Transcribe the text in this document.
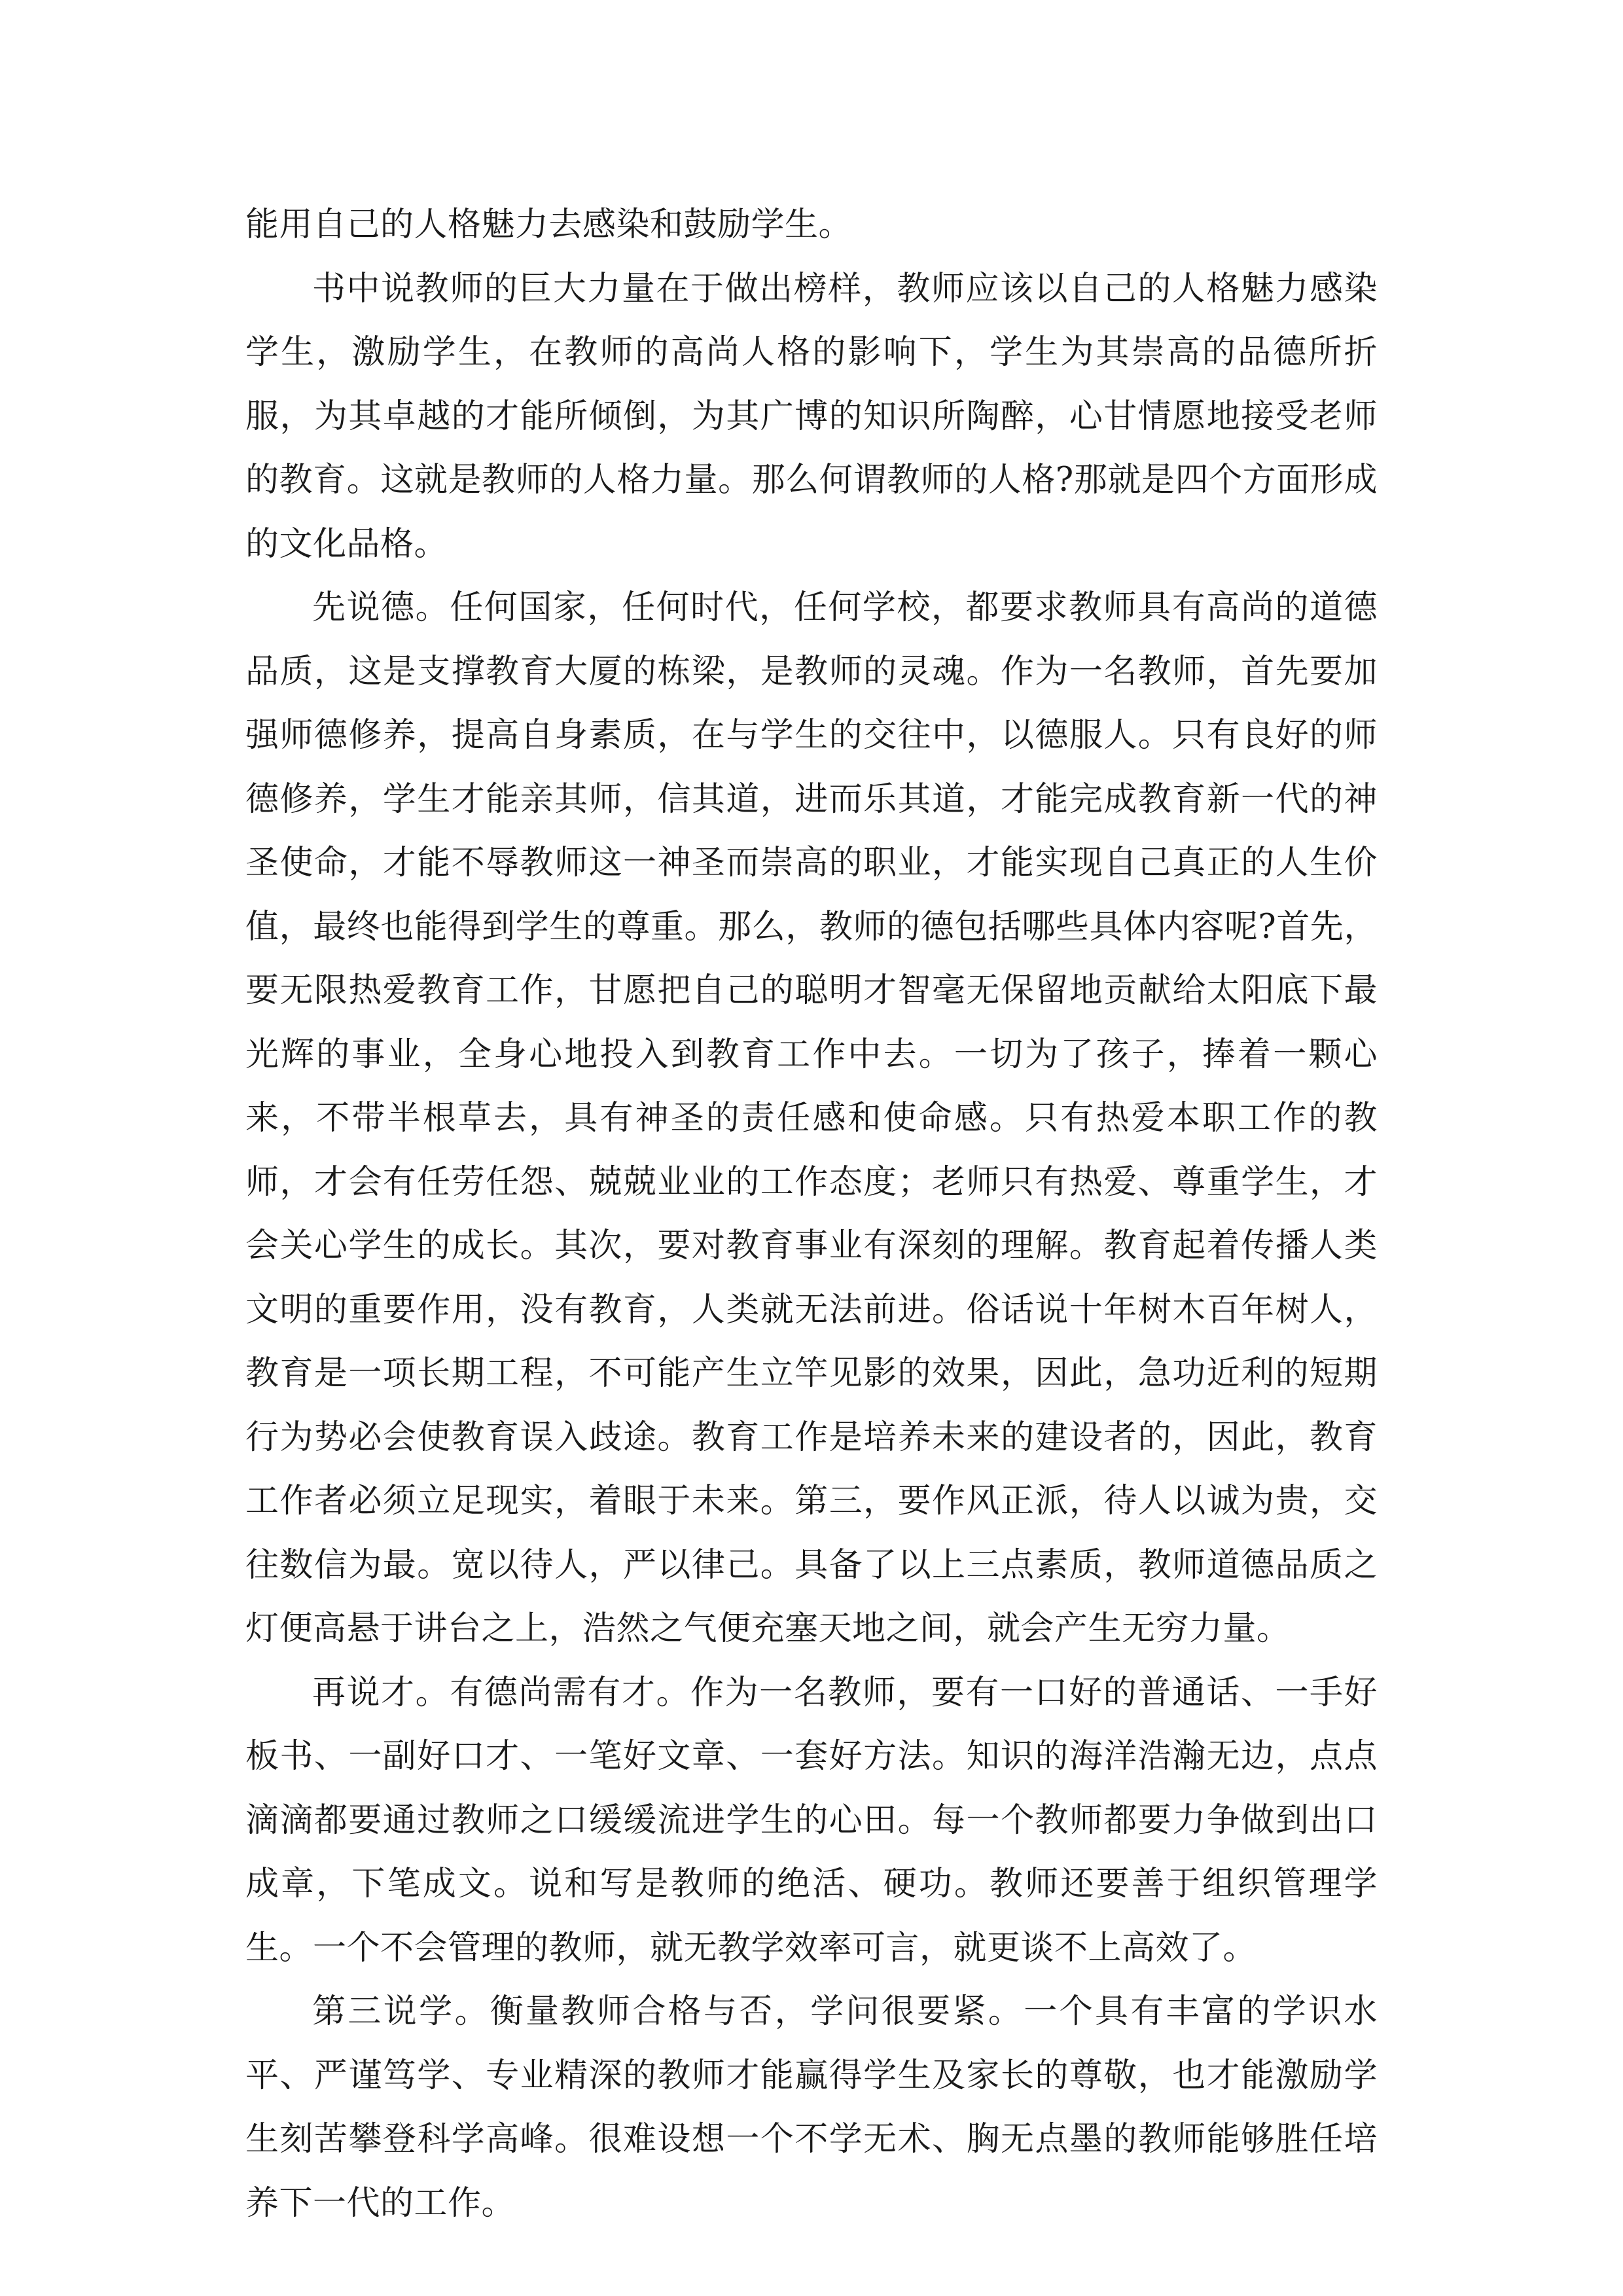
能用自己的人格魅力去感染和鼓励学生。

书中说教师的巨大力量在于做出榜样，教师应该以自己的人格魅力感染学生，激励学生，在教师的高尚人格的影响下，学生为其崇高的品德所折服，为其卓越的才能所倾倒，为其广博的知识所陶醉，心甘情愿地接受老师的教育。这就是教师的人格力量。那么何谓教师的人格?那就是四个方面形成的文化品格。

先说德。任何国家，任何时代，任何学校，都要求教师具有高尚的道德品质，这是支撑教育大厦的栋梁，是教师的灵魂。作为一名教师，首先要加强师德修养，提高自身素质，在与学生的交往中，以德服人。只有良好的师德修养，学生才能亲其师，信其道，进而乐其道，才能完成教育新一代的神圣使命，才能不辱教师这一神圣而崇高的职业，才能实现自己真正的人生价值，最终也能得到学生的尊重。那么，教师的德包括哪些具体内容呢?首先，要无限热爱教育工作，甘愿把自己的聪明才智毫无保留地贡献给太阳底下最光辉的事业，全身心地投入到教育工作中去。一切为了孩子，捧着一颗心来，不带半根草去，具有神圣的责任感和使命感。只有热爱本职工作的教师，才会有任劳任怨、兢兢业业的工作态度；老师只有热爱、尊重学生，才会关心学生的成长。其次，要对教育事业有深刻的理解。教育起着传播人类文明的重要作用，没有教育，人类就无法前进。俗话说十年树木百年树人，教育是一项长期工程，不可能产生立竿见影的效果，因此，急功近利的短期行为势必会使教育误入歧途。教育工作是培养未来的建设者的，因此，教育工作者必须立足现实，着眼于未来。第三，要作风正派，待人以诚为贵，交往数信为最。宽以待人，严以律己。具备了以上三点素质，教师道德品质之灯便高悬于讲台之上，浩然之气便充塞天地之间，就会产生无穷力量。

再说才。有德尚需有才。作为一名教师，要有一口好的普通话、一手好板书、一副好口才、一笔好文章、一套好方法。知识的海洋浩瀚无边，点点滴滴都要通过教师之口缓缓流进学生的心田。每一个教师都要力争做到出口成章，下笔成文。说和写是教师的绝活、硬功。教师还要善于组织管理学生。一个不会管理的教师，就无教学效率可言，就更谈不上高效了。

第三说学。衡量教师合格与否，学问很要紧。一个具有丰富的学识水平、严谨笃学、专业精深的教师才能赢得学生及家长的尊敬，也才能激励学生刻苦攀登科学高峰。很难设想一个不学无术、胸无点墨的教师能够胜任培养下一代的工作。
